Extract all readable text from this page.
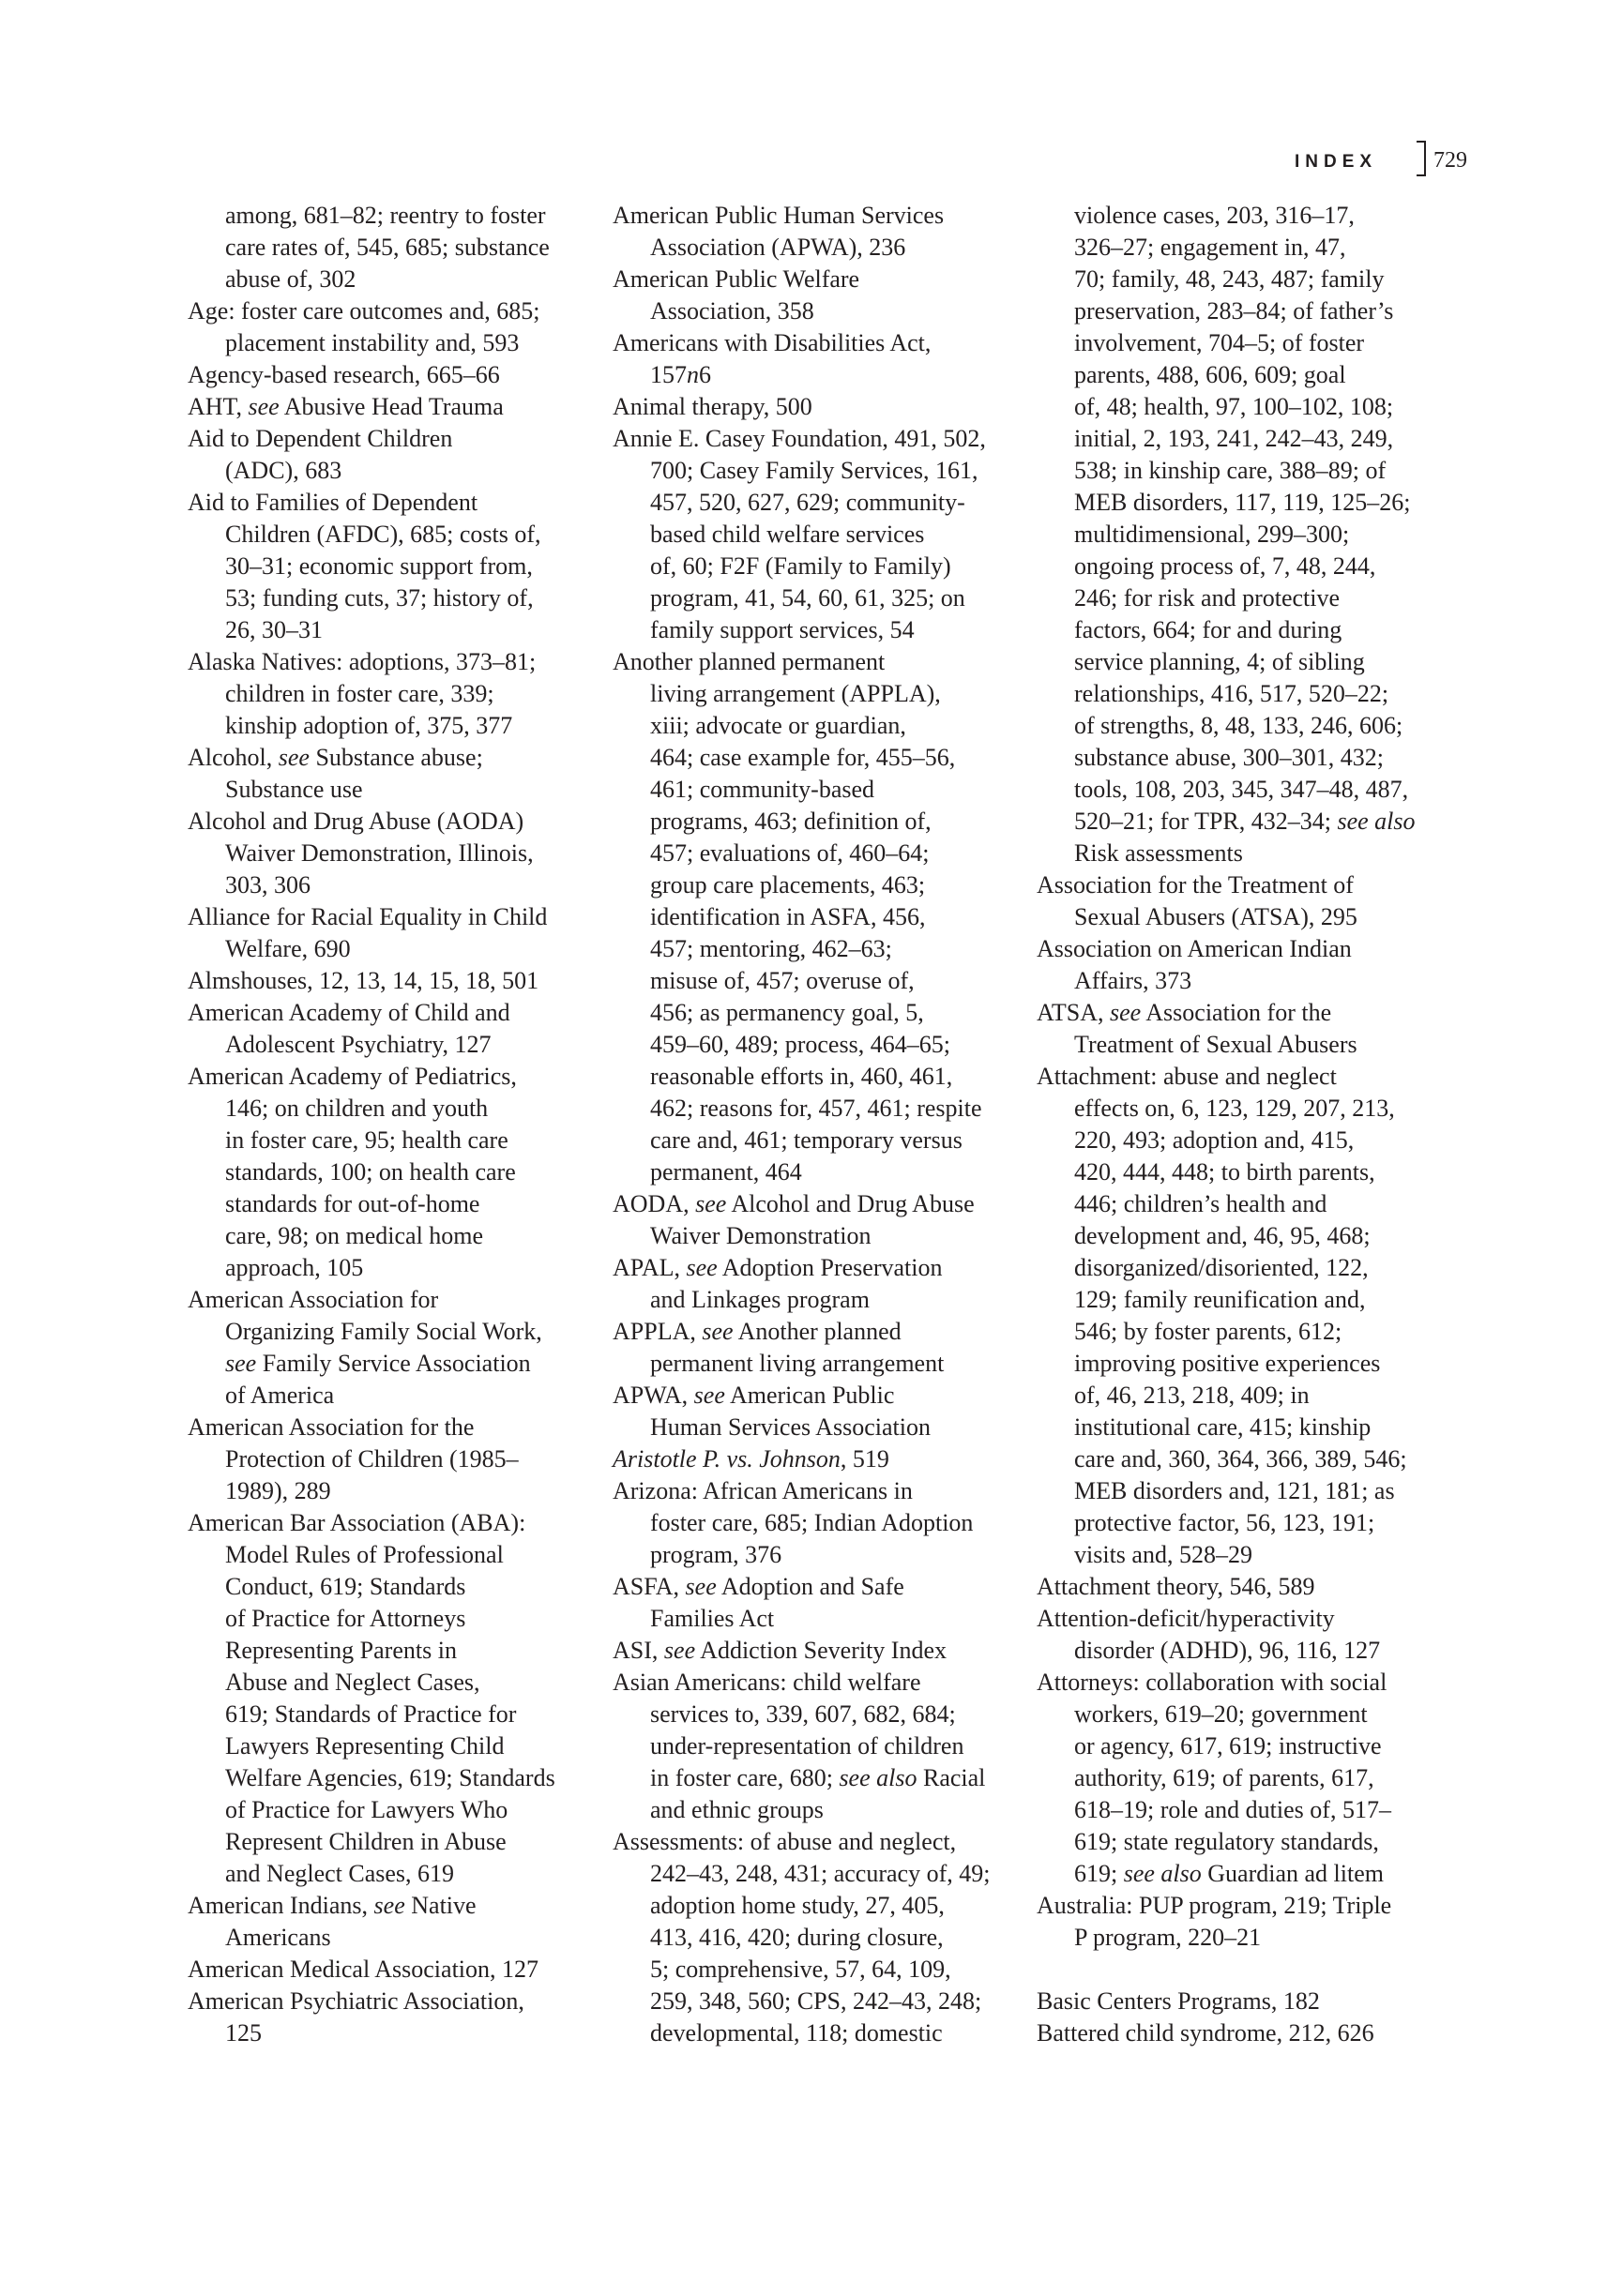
INDEX 729
among, 681–82; reentry to foster
care rates of, 545, 685; substance
abuse of, 302
Age: foster care outcomes and, 685;
placement instability and, 593
Agency-based research, 665–66
AHT, see Abusive Head Trauma
Aid to Dependent Children
(ADC), 683
Aid to Families of Dependent
Children (AFDC), 685; costs of,
30–31; economic support from,
53; funding cuts, 37; history of,
26, 30–31
Alaska Natives: adoptions, 373–81;
children in foster care, 339;
kinship adoption of, 375, 377
Alcohol, see Substance abuse;
Substance use
Alcohol and Drug Abuse (AODA)
Waiver Demonstration, Illinois,
303, 306
Alliance for Racial Equality in Child
Welfare, 690
Almshouses, 12, 13, 14, 15, 18, 501
American Academy of Child and
Adolescent Psychiatry, 127
American Academy of Pediatrics,
146; on children and youth
in foster care, 95; health care
standards, 100; on health care
standards for out-of-home
care, 98; on medical home
approach, 105
American Association for
Organizing Family Social Work,
see Family Service Association
of America
American Association for the
Protection of Children (1985–
1989), 289
American Bar Association (ABA):
Model Rules of Professional
Conduct, 619; Standards
of Practice for Attorneys
Representing Parents in
Abuse and Neglect Cases,
619; Standards of Practice for
Lawyers Representing Child
Welfare Agencies, 619; Standards
of Practice for Lawyers Who
Represent Children in Abuse
and Neglect Cases, 619
American Indians, see Native
Americans
American Medical Association, 127
American Psychiatric Association,
125
American Public Human Services
Association (APWA), 236
American Public Welfare
Association, 358
Americans with Disabilities Act,
157n6
Animal therapy, 500
Annie E. Casey Foundation, 491, 502,
700; Casey Family Services, 161,
457, 520, 627, 629; community-
based child welfare services
of, 60; F2F (Family to Family)
program, 41, 54, 60, 61, 325; on
family support services, 54
Another planned permanent
living arrangement (APPLA),
xiii; advocate or guardian,
464; case example for, 455–56,
461; community-based
programs, 463; definition of,
457; evaluations of, 460–64;
group care placements, 463;
identification in ASFA, 456,
457; mentoring, 462–63;
misuse of, 457; overuse of,
456; as permanency goal, 5,
459–60, 489; process, 464–65;
reasonable efforts in, 460, 461,
462; reasons for, 457, 461; respite
care and, 461; temporary versus
permanent, 464
AODA, see Alcohol and Drug Abuse
Waiver Demonstration
APAL, see Adoption Preservation
and Linkages program
APPLA, see Another planned
permanent living arrangement
APWA, see American Public
Human Services Association
Aristotle P. vs. Johnson, 519
Arizona: African Americans in
foster care, 685; Indian Adoption
program, 376
ASFA, see Adoption and Safe
Families Act
ASI, see Addiction Severity Index
Asian Americans: child welfare
services to, 339, 607, 682, 684;
under-representation of children
in foster care, 680; see also Racial
and ethnic groups
Assessments: of abuse and neglect,
242–43, 248, 431; accuracy of, 49;
adoption home study, 27, 405,
413, 416, 420; during closure,
5; comprehensive, 57, 64, 109,
259, 348, 560; CPS, 242–43, 248;
developmental, 118; domestic
violence cases, 203, 316–17,
326–27; engagement in, 47,
70; family, 48, 243, 487; family
preservation, 283–84; of father’s
involvement, 704–5; of foster
parents, 488, 606, 609; goal
of, 48; health, 97, 100–102, 108;
initial, 2, 193, 241, 242–43, 249,
538; in kinship care, 388–89; of
MEB disorders, 117, 119, 125–26;
multidimensional, 299–300;
ongoing process of, 7, 48, 244,
246; for risk and protective
factors, 664; for and during
service planning, 4; of sibling
relationships, 416, 517, 520–22;
of strengths, 8, 48, 133, 246, 606;
substance abuse, 300–301, 432;
tools, 108, 203, 345, 347–48, 487,
520–21; for TPR, 432–34; see also
Risk assessments
Association for the Treatment of
Sexual Abusers (ATSA), 295
Association on American Indian
Affairs, 373
ATSA, see Association for the
Treatment of Sexual Abusers
Attachment: abuse and neglect
effects on, 6, 123, 129, 207, 213,
220, 493; adoption and, 415,
420, 444, 448; to birth parents,
446; children’s health and
development and, 46, 95, 468;
disorganized/disoriented, 122,
129; family reunification and,
546; by foster parents, 612;
improving positive experiences
of, 46, 213, 218, 409; in
institutional care, 415; kinship
care and, 360, 364, 366, 389, 546;
MEB disorders and, 121, 181; as
protective factor, 56, 123, 191;
visits and, 528–29
Attachment theory, 546, 589
Attention-deficit/hyperactivity
disorder (ADHD), 96, 116, 127
Attorneys: collaboration with social
workers, 619–20; government
or agency, 617, 619; instructive
authority, 619; of parents, 617,
618–19; role and duties of, 517–
619; state regulatory standards,
619; see also Guardian ad litem
Australia: PUP program, 219; Triple
P program, 220–21
Basic Centers Programs, 182
Battered child syndrome, 212, 626
